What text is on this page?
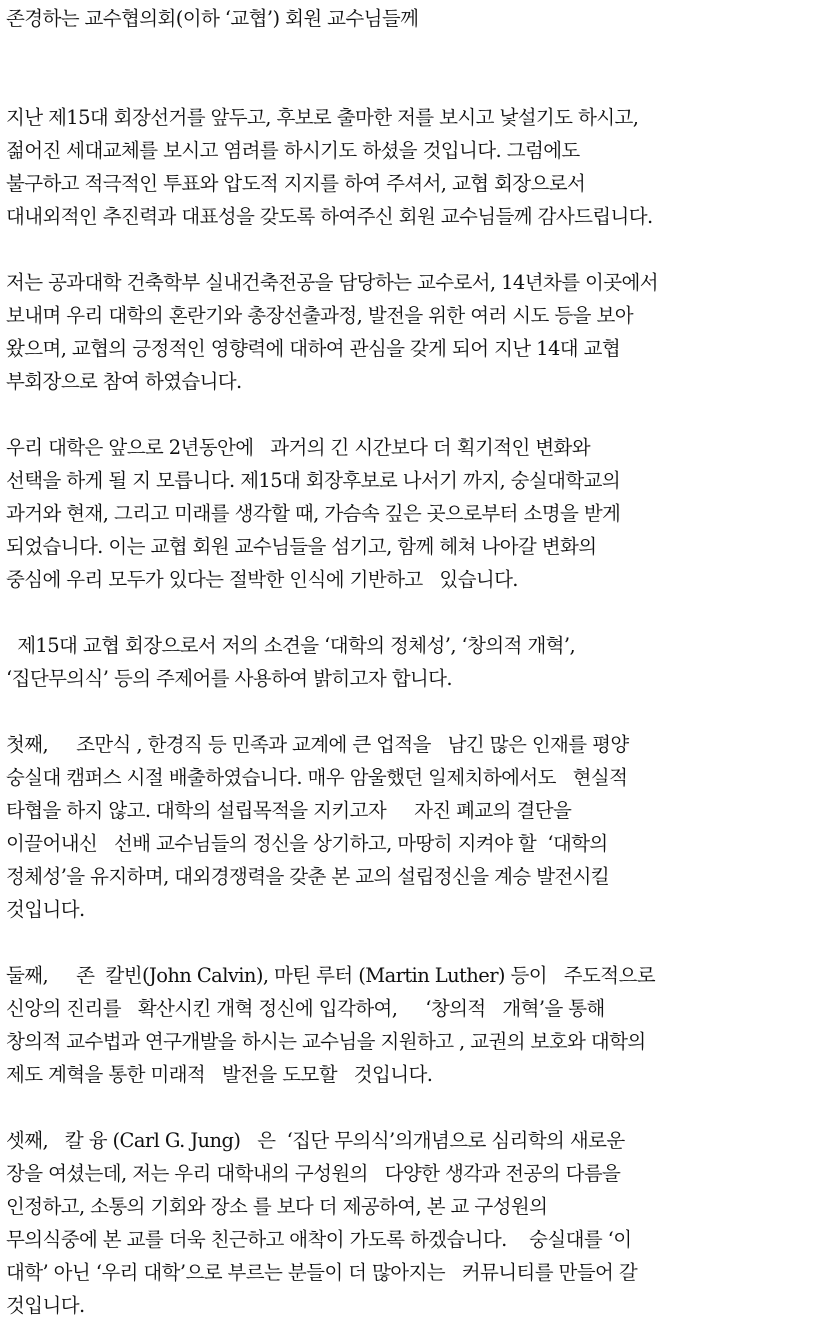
존경하는 교수협의회(이하 ‘교협’) 회원 교수님들께
지난 제15대 회장선거를 앞두고, 후보로 출마한 저를 보시고 낯설기도 하시고,
젊어진 세대교체를 보시고 염려를 하시기도 하셨을 것입니다. 그럼에도
불구하고 적극적인 투표와 압도적 지지를 하여 주셔서, 교협 회장으로서
대내외적인 추진력과 대표성을 갖도록 하여주신 회원 교수님들께 감사드립니다.
저는 공과대학 건축학부 실내건축전공을 담당하는 교수로서, 14년차를 이곳에서
보내며 우리 대학의 혼란기와 총장선출과정, 발전을 위한 여러 시도 등을 보아
왔으며, 교협의 긍정적인 영향력에 대하여 관심을 갖게 되어 지난 14대 교협
부회장으로 참여 하였습니다.
우리 대학은 앞으로 2년동안에   과거의 긴 시간보다 더 획기적인 변화와
선택을 하게 될 지 모릅니다. 제15대 회장후보로 나서기 까지, 숭실대학교의
과거와 현재, 그리고 미래를 생각할 때, 가슴속 깊은 곳으로부터 소명을 받게
되었습니다. 이는 교협 회원 교수님들을 섬기고, 함께 헤쳐 나아갈 변화의
중심에 우리 모두가 있다는 절박한 인식에 기반하고   있습니다.
제15대 교협 회장으로서 저의 소견을 ‘대학의 정체성’, ‘창의적 개혁’,
‘집단무의식’ 등의 주제어를 사용하여 밝히고자 합니다.
첫째,     조만식 , 한경직 등 민족과 교계에 큰 업적을   남긴 많은 인재를 평양
숭실대 캠퍼스 시절 배출하였습니다. 매우 암울했던 일제치하에서도   현실적
타협을 하지 않고. 대학의 설립목적을 지키고자     자진 폐교의 결단을
이끌어내신   선배 교수님들의 정신을 상기하고, 마땅히 지켜야 할  ‘대학의
정체성’을 유지하며, 대외경쟁력을 갖춘 본 교의 설립정신을 계승 발전시킬
것입니다.
둘째,     존  칼빈(John Calvin), 마틴 루터 (Martin Luther) 등이   주도적으로
신앙의 진리를   확산시킨 개혁 정신에 입각하여,     ‘창의적   개혁’을 통해
창의적 교수법과 연구개발을 하시는 교수님을 지원하고 , 교권의 보호와 대학의
제도 계혁을 통한 미래적   발전을 도모할   것입니다.
셋째,   칼 융 (Carl G. Jung)   은  ‘집단 무의식’의개념으로 심리학의 새로운
장을 여셨는데, 저는 우리 대학내의 구성원의   다양한 생각과 전공의 다름을
인정하고, 소통의 기회와 장소 를 보다 더 제공하여, 본 교 구성원의
무의식중에 본 교를 더욱 친근하고 애착이 가도록 하겠습니다.    숭실대를 ‘이
대학’ 아닌 ‘우리 대학’으로 부르는 분들이 더 많아지는   커뮤니티를 만들어 갈
것입니다.
